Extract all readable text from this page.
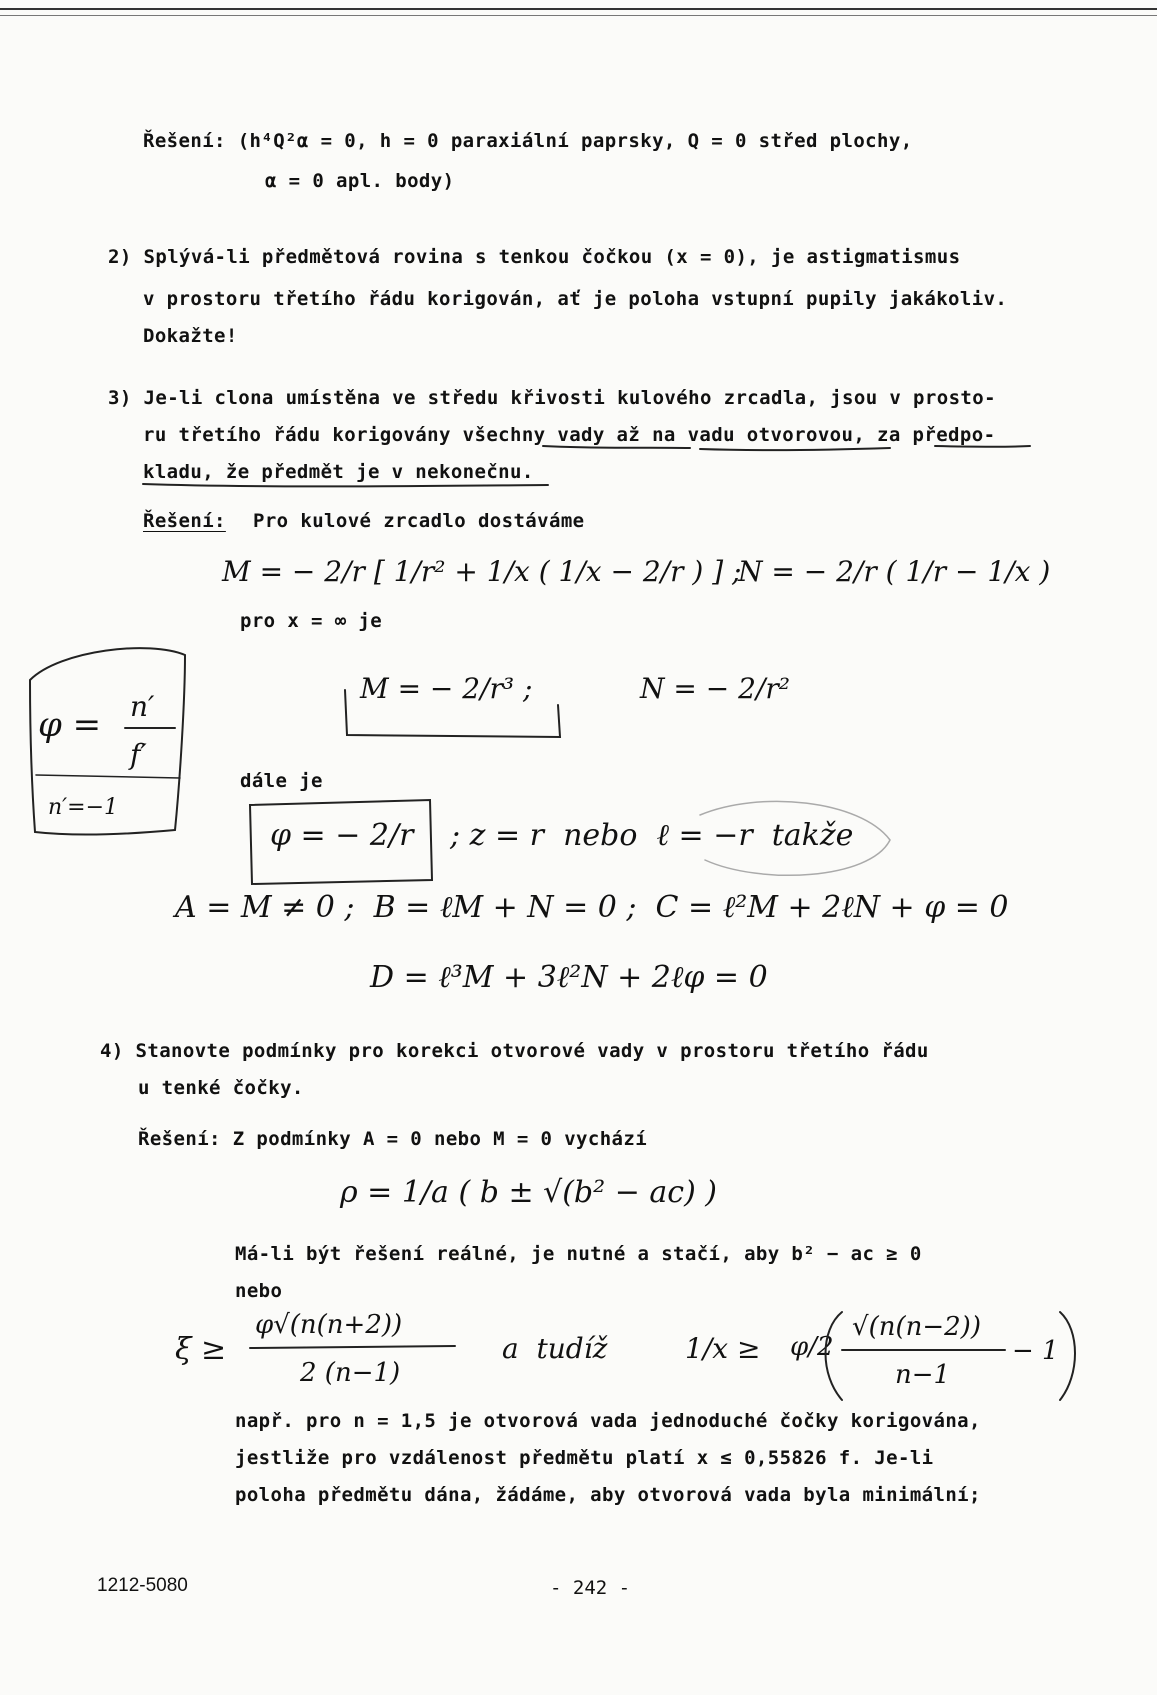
Řešení: (h⁴Q²α = 0, h = 0 paraxiální paprsky, Q = 0 střed plochy,
α = 0 apl. body)
2) Splývá-li předmětová rovina s tenkou čočkou (x = 0), je astigmatismus
v prostoru třetího řádu korigován, ať je poloha vstupní pupily jakákoliv.
Dokažte!
3) Je-li clona umístěna ve středu křivosti kulového zrcadla, jsou v prosto-
ru třetího řádu korigovány všechny vady až na vadu otvorovou, za předpo-
kladu, že předmět je v nekonečnu.
Řešení: Pro kulové zrcadlo dostáváme
M = − 2/r [ 1/r² + 1/x ( 1/x − 2/r ) ] ;
N = − 2/r ( 1/r − 1/x )
pro x = ∞ je
M = − 2/r³ ;	N = − 2/r²
dále je
φ = − 2/r ; z = r  nebo  ℓ = −r  takže
A = M ≠ 0 ;  B = ℓM + N = 0 ;  C = ℓ²M + 2ℓN + φ = 0
D = ℓ³M + 3ℓ²N + 2ℓφ = 0
φ = n′
f′
n′=−1
4) Stanovte podmínky pro korekci otvorové vady v prostoru třetího řádu
u tenké čočky.
Řešení: Z podmínky A = 0 nebo M = 0 vychází
ρ = 1/a ( b ± √(b² − ac) )
Má-li být řešení reálné, je nutné a stačí, aby b² − ac ≥ 0
nebo
ξ ≥
φ√(n(n+2))
2 (n−1)
a  tudíž	1/x ≥ φ/2
√(n(n−2))
n−1
− 1
např. pro n = 1,5 je otvorová vada jednoduché čočky korigována,
jestliže pro vzdálenost předmětu platí x ≤ 0,55826 f. Je-li
poloha předmětu dána, žádáme, aby otvorová vada byla minimální;
1212-5080	- 242 -
